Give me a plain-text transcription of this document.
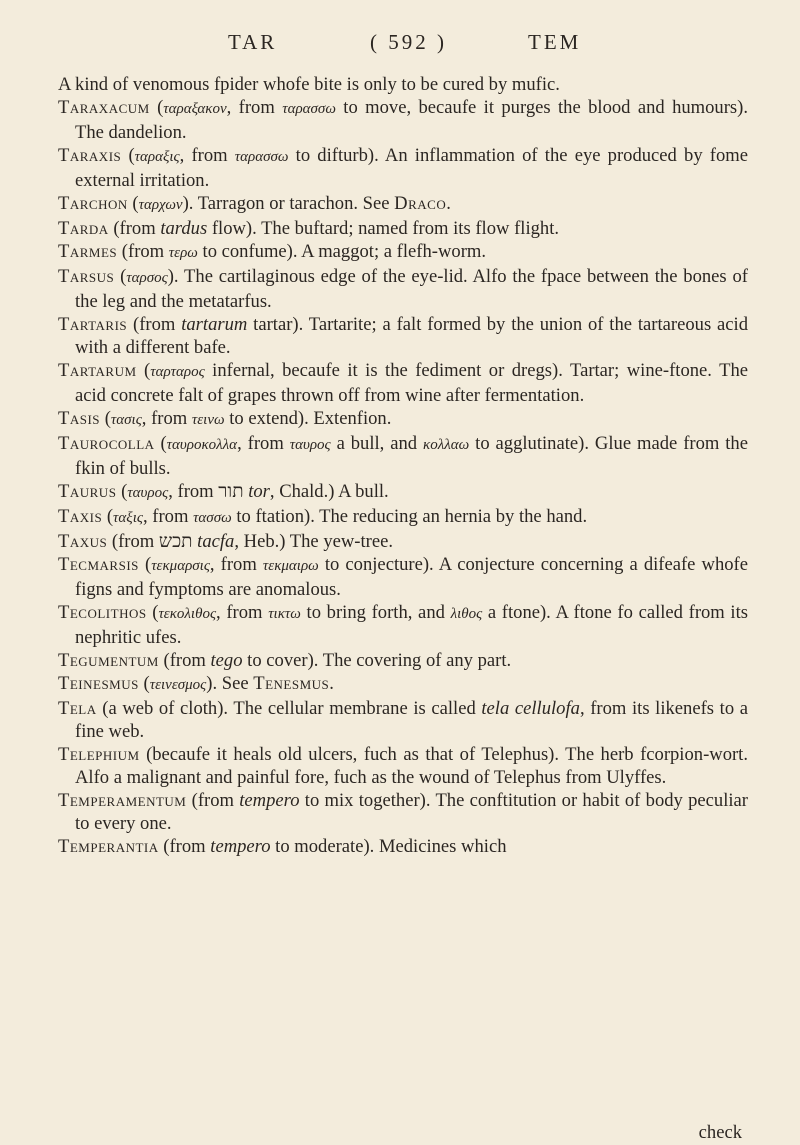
TAR	( 592 )	TEM

A kind of venomous fpider whofe bite is only to be cured by mufic.

Taraxacum (ταραξακον, from ταρασσω to move, becaufe it purges the blood and humours). The dandelion.

Taraxis (ταραξις, from ταρασσω to difturb). An inflammation of the eye produced by fome external irritation.

Tarchon (ταρχων). Tarragon or tarachon. See Draco.

Tarda (from tardus flow). The buftard; named from its flow flight.

Tarmes (from τερω to confume). A maggot; a flefh-worm.

Tarsus (ταρσος). The cartilaginous edge of the eye-lid. Alfo the fpace between the bones of the leg and the metatarfus.

Tartaris (from tartarum tartar). Tartarite; a falt formed by the union of the tartareous acid with a different bafe.

Tartarum (ταρταρος infernal, becaufe it is the fediment or dregs). Tartar; wine-ftone. The acid concrete falt of grapes thrown off from wine after fermentation.

Tasis (τασις, from τεινω to extend). Extenfion.

Taurocolla (ταυροκολλα, from ταυρος a bull, and κολλαω to agglutinate). Glue made from the fkin of bulls.

Taurus (ταυρος, from תור tor, Chald.) A bull.

Taxis (ταξις, from τασσω to ftation). The reducing an hernia by the hand.

Taxus (from תכש tacfa, Heb.) The yew-tree.

Tecmarsis (τεκμαρσις, from τεκμαιρω to conjecture). A conjecture concerning a difeafe whofe figns and fymptoms are anomalous.

Tecolithos (τεκολιθος, from τικτω to bring forth, and λιθος a ftone). A ftone fo called from its nephritic ufes.

Tegumentum (from tego to cover). The covering of any part.

Teinesmus (τεινεσμος). See Tenesmus.

Tela (a web of cloth). The cellular membrane is called tela cellulofa, from its likenefs to a fine web.

Telephium (becaufe it heals old ulcers, fuch as that of Telephus). The herb fcorpion-wort. Alfo a malignant and painful fore, fuch as the wound of Telephus from Ulyffes.

Temperamentum (from tempero to mix together). The conftitution or habit of body peculiar to every one.

Temperantia (from tempero to moderate). Medicines which

check
